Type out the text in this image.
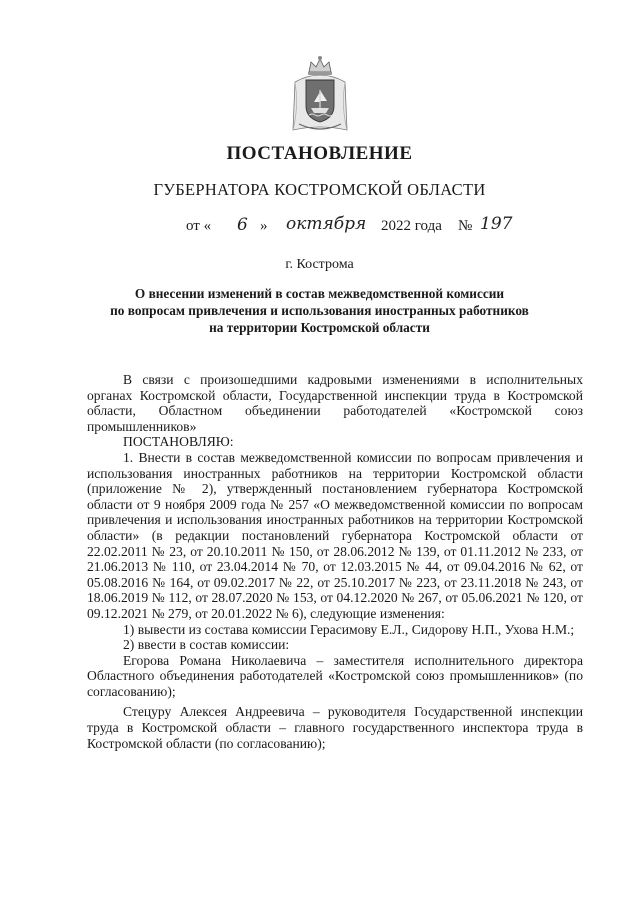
ПОСТАНОВЛЕНИЕ
ГУБЕРНАТОРА КОСТРОМСКОЙ ОБЛАСТИ
от « 6 » октября 2022 года № 197
г. Кострома
О внесении изменений в состав межведомственной комиссии
по вопросам привлечения и использования иностранных работников
на территории Костромской области

В связи с произошедшими кадровыми изменениями в исполнительных органах Костромской области, Государственной инспекции труда в Костромской области, Областном объединении работодателей «Костромской союз промышленников»

ПОСТАНОВЛЯЮ:

1. Внести в состав межведомственной комиссии по вопросам привлечения и использования иностранных работников на территории Костромской области (приложение № 2), утвержденный постановлением губернатора Костромской области от 9 ноября 2009 года № 257 «О межведомственной комиссии по вопросам привлечения и использования иностранных работников на территории Костромской области» (в редакции постановлений губернатора Костромской области от 22.02.2011 № 23, от 20.10.2011 № 150, от 28.06.2012 № 139, от 01.11.2012 № 233, от 21.06.2013 № 110, от 23.04.2014 № 70, от 12.03.2015 № 44, от 09.04.2016 № 62, от 05.08.2016 № 164, от 09.02.2017 № 22, от 25.10.2017 № 223, от 23.11.2018 № 243, от 18.06.2019 № 112, от 28.07.2020 № 153, от 04.12.2020 № 267, от 05.06.2021 № 120, от 09.12.2021 № 279, от 20.01.2022 № 6), следующие изменения:

1) вывести из состава комиссии Герасимову Е.Л., Сидорову Н.П., Ухова Н.М.;

2) ввести в состав комиссии:

Егорова Романа Николаевича – заместителя исполнительного директора Областного объединения работодателей «Костромской союз промышленников» (по согласованию);

Стецуру Алексея Андреевича – руководителя Государственной инспекции труда в Костромской области – главного государственного инспектора труда в Костромской области (по согласованию);
